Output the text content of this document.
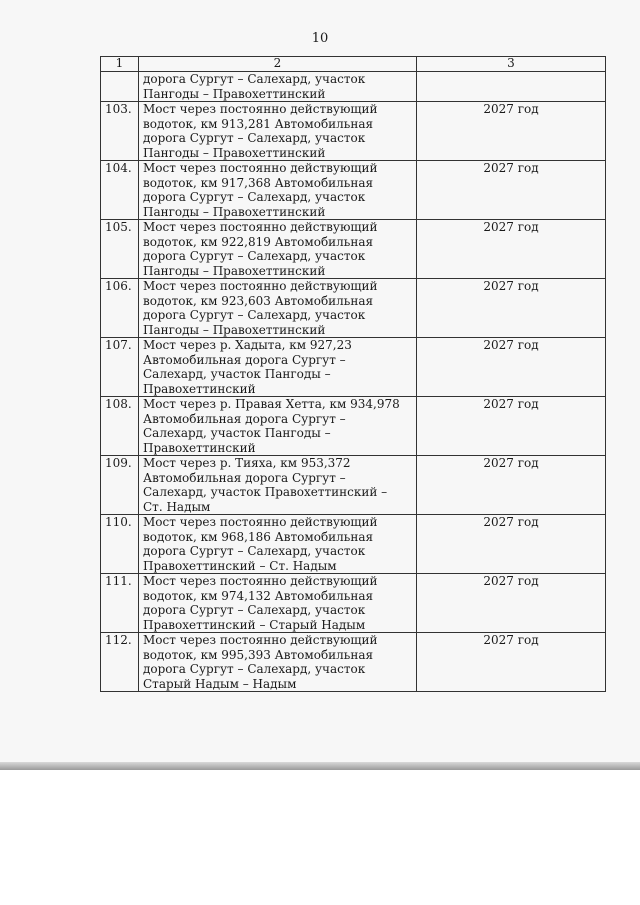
10
1	2	3
	дорога Сургут – Салехард, участок
Пангоды – Правохеттинский	
103.	Мост через постоянно действующий
водоток, км 913,281 Автомобильная
дорога Сургут – Салехард, участок
Пангоды – Правохеттинский	2027 год
104.	Мост через постоянно действующий
водоток, км 917,368 Автомобильная
дорога Сургут – Салехард, участок
Пангоды – Правохеттинский	2027 год
105.	Мост через постоянно действующий
водоток, км 922,819 Автомобильная
дорога Сургут – Салехард, участок
Пангоды – Правохеттинский	2027 год
106.	Мост через постоянно действующий
водоток, км 923,603 Автомобильная
дорога Сургут – Салехард, участок
Пангоды – Правохеттинский	2027 год
107.	Мост через р. Хадыта, км 927,23
Автомобильная дорога Сургут –
Салехард, участок Пангоды –
Правохеттинский	2027 год
108.	Мост через р. Правая Хетта, км 934,978
Автомобильная дорога Сургут –
Салехард, участок Пангоды –
Правохеттинский	2027 год
109.	Мост через р. Тияха, км 953,372
Автомобильная дорога Сургут –
Салехард, участок Правохеттинский –
Ст. Надым	2027 год
110.	Мост через постоянно действующий
водоток, км 968,186 Автомобильная
дорога Сургут – Салехард, участок
Правохеттинский – Ст. Надым	2027 год
111.	Мост через постоянно действующий
водоток, км 974,132 Автомобильная
дорога Сургут – Салехард, участок
Правохеттинский – Старый Надым	2027 год
112.	Мост через постоянно действующий
водоток, км 995,393 Автомобильная
дорога Сургут – Салехард, участок
Старый Надым – Надым	2027 год
